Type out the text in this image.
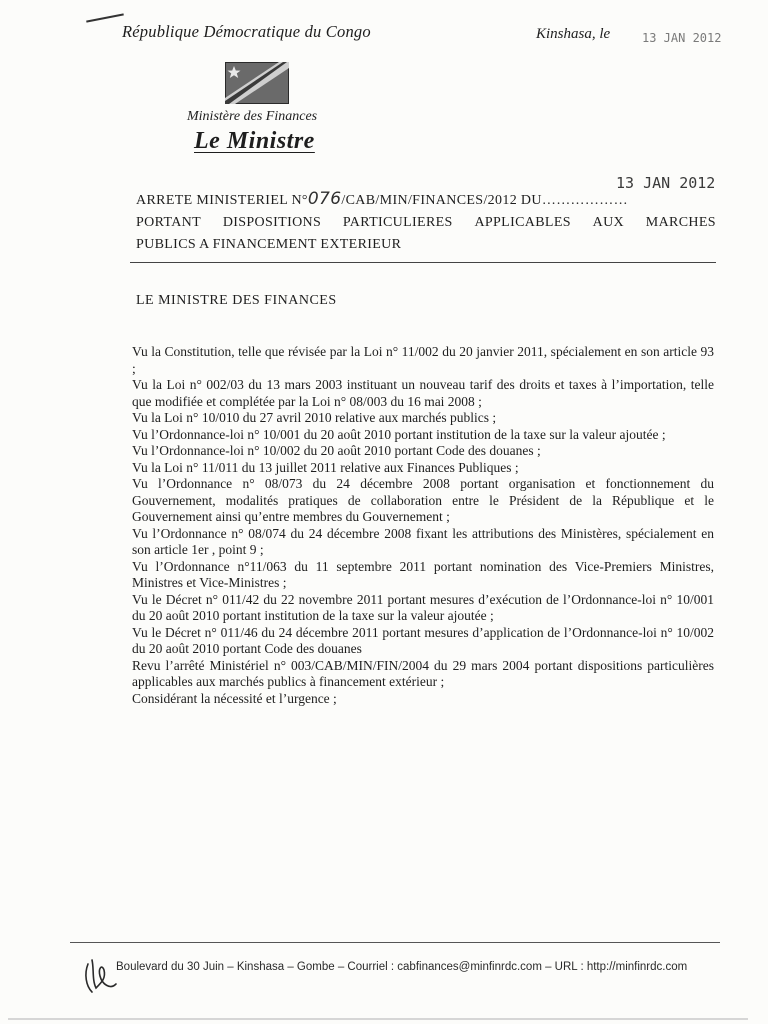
République Démocratique du Congo	Kinshasa, le	13 JAN 2012
Ministère des Finances
Le Ministre
13 JAN 2012
ARRETE MINISTERIEL N°076/CAB/MIN/FINANCES/2012 DU………………
PORTANT DISPOSITIONS PARTICULIERES APPLICABLES AUX MARCHES
PUBLICS A FINANCEMENT EXTERIEUR
LE MINISTRE DES FINANCES

Vu la Constitution, telle que révisée par la Loi n° 11/002 du 20 janvier 2011, spécialement en son article 93 ;

Vu la Loi n° 002/03 du 13 mars 2003 instituant un nouveau tarif des droits et taxes à l’importation, telle que modifiée et complétée par la Loi n° 08/003 du 16 mai 2008 ;

Vu la Loi n° 10/010 du 27 avril 2010 relative aux marchés publics ;

Vu l’Ordonnance-loi n° 10/001 du 20 août 2010 portant institution de la taxe sur la valeur ajoutée ;

Vu l’Ordonnance-loi n° 10/002 du 20 août 2010 portant Code des douanes ;

Vu la Loi n° 11/011 du 13 juillet 2011 relative aux Finances Publiques ;

Vu l’Ordonnance n° 08/073 du 24 décembre 2008 portant organisation et fonctionnement du Gouvernement, modalités pratiques de collaboration entre le Président de la République et le Gouvernement ainsi qu’entre membres du Gouvernement ;

Vu l’Ordonnance n° 08/074 du 24 décembre 2008 fixant les attributions des Ministères, spécialement en son article 1er , point 9 ;

Vu l’Ordonnance n°11/063 du 11 septembre 2011 portant nomination des Vice-Premiers Ministres, Ministres et Vice-Ministres ;

Vu le Décret n° 011/42 du 22 novembre 2011 portant mesures d’exécution de l’Ordonnance-loi n° 10/001 du 20 août 2010 portant institution de la taxe sur la valeur ajoutée ;

Vu le Décret n° 011/46 du 24 décembre 2011 portant mesures d’application de l’Ordonnance-loi n° 10/002 du 20 août 2010 portant Code des douanes

Revu l’arrêté Ministériel n° 003/CAB/MIN/FIN/2004 du 29 mars 2004 portant dispositions particulières applicables aux marchés publics à financement extérieur ;

Considérant la nécessité et l’urgence ;

Boulevard du 30 Juin – Kinshasa – Gombe – Courriel : cabfinances@minfinrdc.com – URL : http://minfinrdc.com
